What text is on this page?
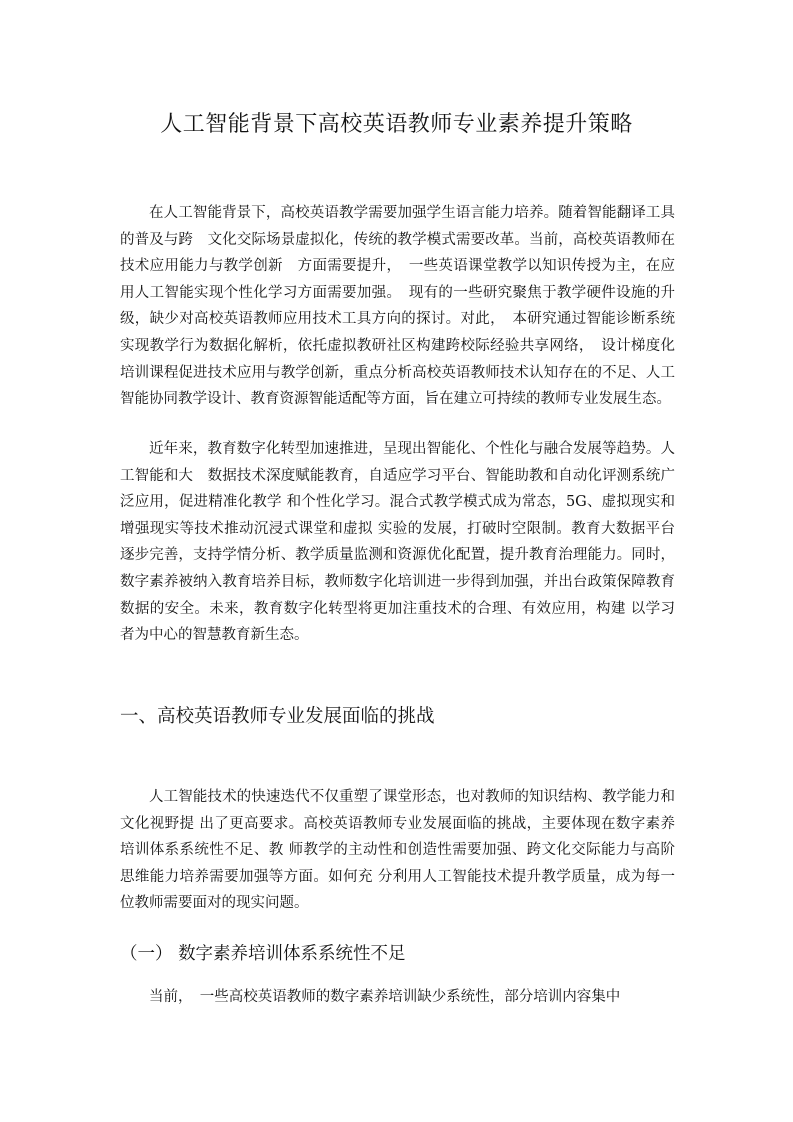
人工智能背景下高校英语教师专业素养提升策略

在人工智能背景下，高校英语教学需要加强学生语言能力培养。随着智能翻译工具的普及与跨　文化交际场景虚拟化，传统的教学模式需要改革。当前，高校英语教师在技术应用能力与教学创新　方面需要提升，　一些英语课堂教学以知识传授为主，在应用人工智能实现个性化学习方面需要加强。　现有的一些研究聚焦于教学硬件设施的升级，缺少对高校英语教师应用技术工具方向的探讨。对此，　本研究通过智能诊断系统实现教学行为数据化解析，依托虚拟教研社区构建跨校际经验共享网络，　设计梯度化培训课程促进技术应用与教学创新，重点分析高校英语教师技术认知存在的不足、人工　智能协同教学设计、教育资源智能适配等方面，旨在建立可持续的教师专业发展生态。

近年来，教育数字化转型加速推进，呈现出智能化、个性化与融合发展等趋势。人工智能和大　数据技术深度赋能教育，自适应学习平台、智能助教和自动化评测系统广泛应用，促进精准化教学 和个性化学习。混合式教学模式成为常态，5G、虚拟现实和增强现实等技术推动沉浸式课堂和虚拟 实验的发展，打破时空限制。教育大数据平台逐步完善，支持学情分析、教学质量监测和资源优化配置，提升教育治理能力。同时，数字素养被纳入教育培养目标，教师数字化培训进一步得到加强，并出台政策保障教育数据的安全。未来，教育数字化转型将更加注重技术的合理、有效应用，构建 以学习者为中心的智慧教育新生态。

一、高校英语教师专业发展面临的挑战

人工智能技术的快速迭代不仅重塑了课堂形态，也对教师的知识结构、教学能力和文化视野提 出了更高要求。高校英语教师专业发展面临的挑战，主要体现在数字素养培训体系系统性不足、教 师教学的主动性和创造性需要加强、跨文化交际能力与高阶思维能力培养需要加强等方面。如何充 分利用人工智能技术提升教学质量，成为每一位教师需要面对的现实问题。

（一） 数字素养培训体系系统性不足

当前，　一些高校英语教师的数字素养培训缺少系统性，部分培训内容集中
